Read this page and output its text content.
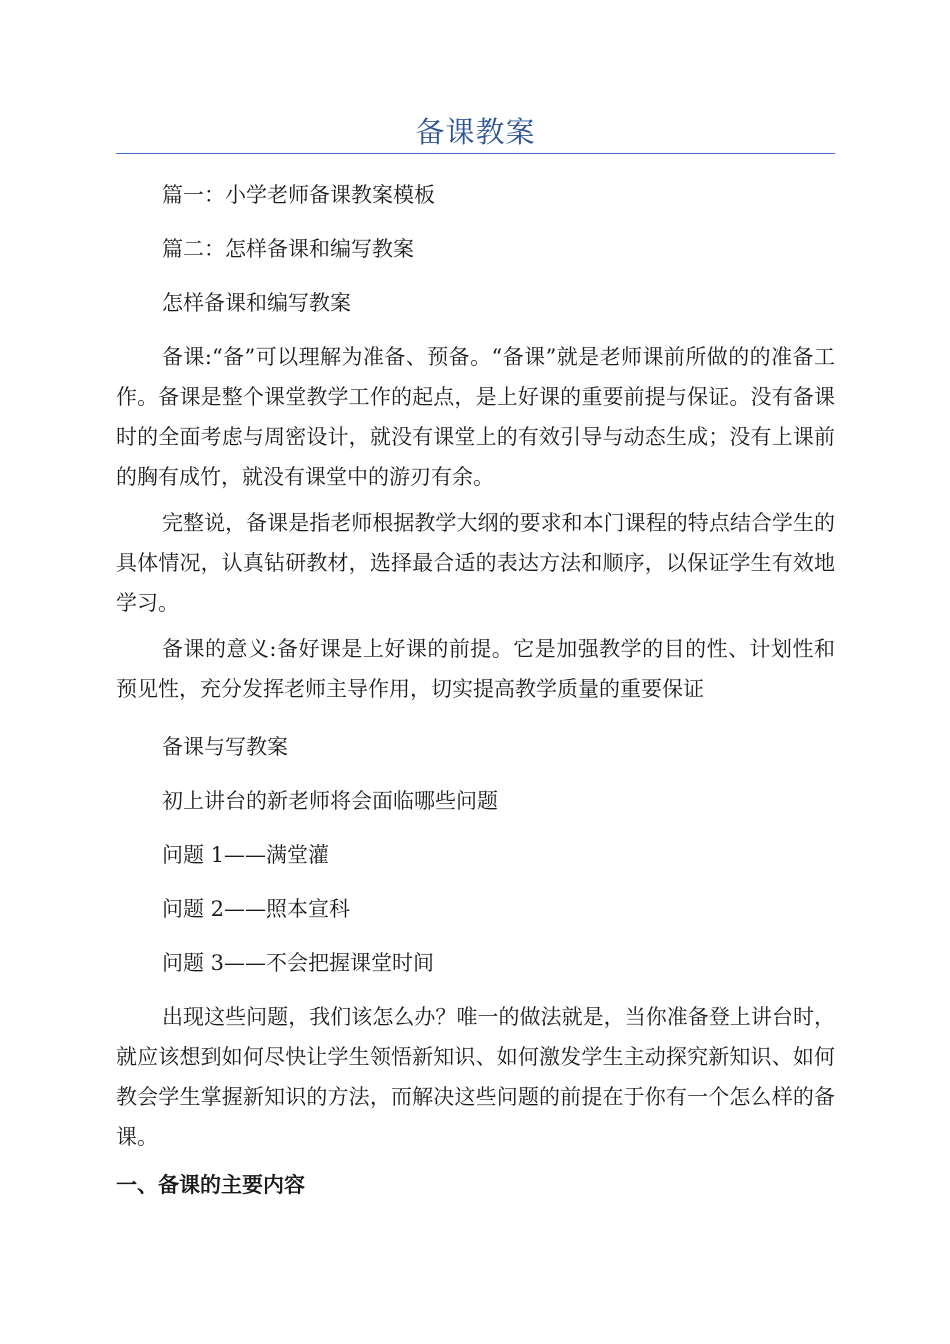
备课教案

篇一：小学老师备课教案模板

篇二：怎样备课和编写教案

怎样备课和编写教案

备课:“备”可以理解为准备、预备。“备课”就是老师课前所做的的准备工作。备课是整个课堂教学工作的起点，是上好课的重要前提与保证。没有备课时的全面考虑与周密设计，就没有课堂上的有效引导与动态生成；没有上课前的胸有成竹，就没有课堂中的游刃有余。

完整说，备课是指老师根据教学大纲的要求和本门课程的特点结合学生的具体情况，认真钻研教材，选择最合适的表达方法和顺序，以保证学生有效地学习。

备课的意义:备好课是上好课的前提。它是加强教学的目的性、计划性和预见性，充分发挥老师主导作用，切实提高教学质量的重要保证

备课与写教案

初上讲台的新老师将会面临哪些问题

问题 1——满堂灌

问题 2——照本宣科

问题 3——不会把握课堂时间

出现这些问题，我们该怎么办？唯一的做法就是，当你准备登上讲台时，就应该想到如何尽快让学生领悟新知识、如何激发学生主动探究新知识、如何教会学生掌握新知识的方法，而解决这些问题的前提在于你有一个怎么样的备课。

一、备课的主要内容
